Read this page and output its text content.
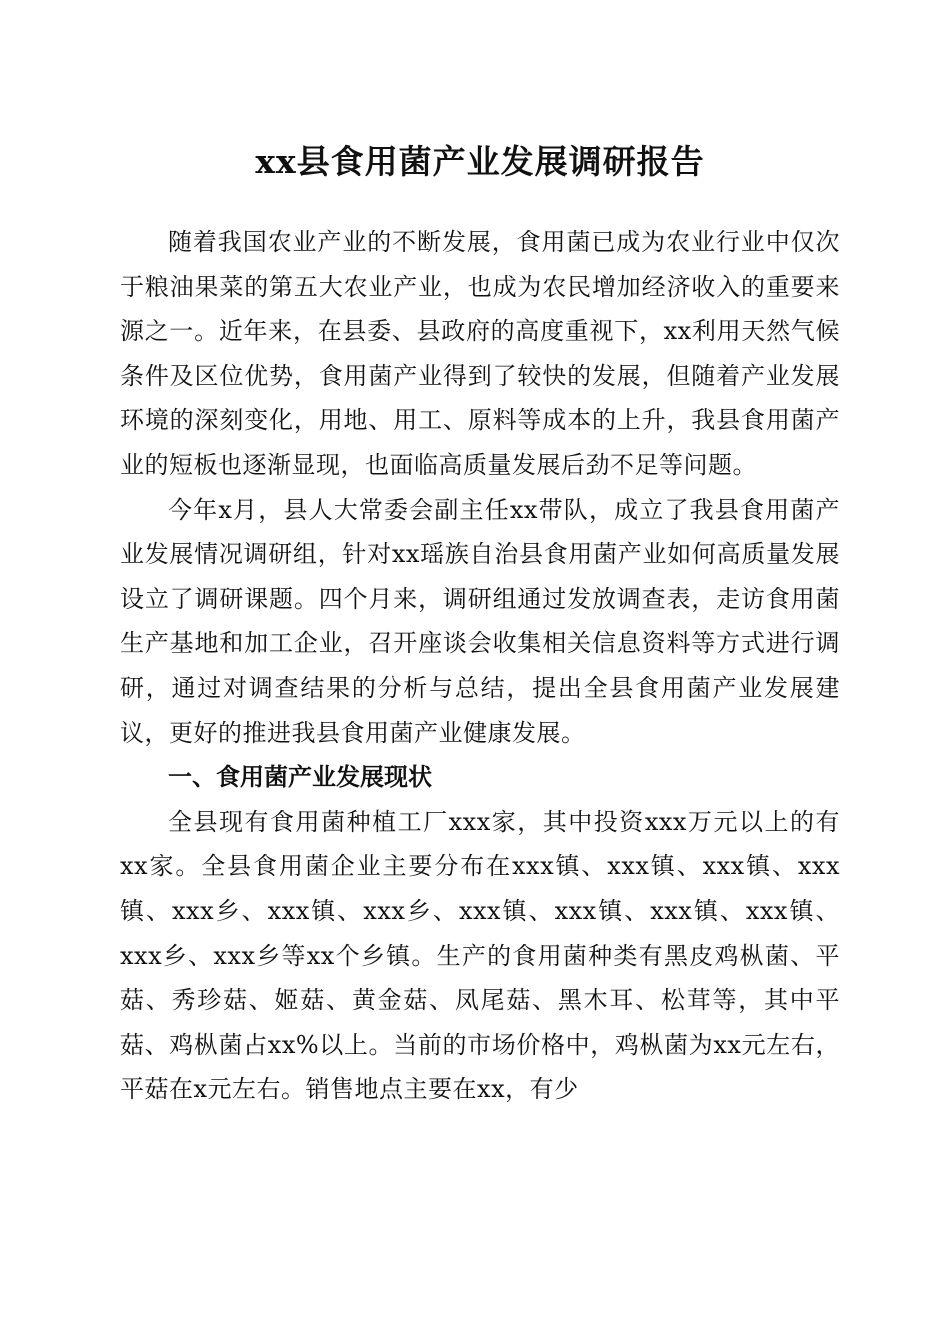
xx县食用菌产业发展调研报告

随着我国农业产业的不断发展，食用菌已成为农业行业中仅次于粮油果菜的第五大农业产业，也成为农民增加经济收入的重要来源之一。近年来，在县委、县政府的高度重视下，xx利用天然气候条件及区位优势，食用菌产业得到了较快的发展，但随着产业发展环境的深刻变化，用地、用工、原料等成本的上升，我县食用菌产业的短板也逐渐显现，也面临高质量发展后劲不足等问题。

今年x月，县人大常委会副主任xx带队，成立了我县食用菌产业发展情况调研组，针对xx瑶族自治县食用菌产业如何高质量发展设立了调研课题。四个月来，调研组通过发放调查表，走访食用菌生产基地和加工企业，召开座谈会收集相关信息资料等方式进行调研，通过对调查结果的分析与总结，提出全县食用菌产业发展建议，更好的推进我县食用菌产业健康发展。

一、食用菌产业发展现状

全县现有食用菌种植工厂xxx家，其中投资xxx万元以上的有xx家。全县食用菌企业主要分布在xxx镇、xxx镇、xxx镇、xxx镇、xxx乡、xxx镇、xxx乡、xxx镇、xxx镇、xxx镇、xxx镇、xxx乡、xxx乡等xx个乡镇。生产的食用菌种类有黑皮鸡枞菌、平菇、秀珍菇、姬菇、黄金菇、凤尾菇、黑木耳、松茸等，其中平菇、鸡枞菌占xx%以上。当前的市场价格中，鸡枞菌为xx元左右，平菇在x元左右。销售地点主要在xx，有少
